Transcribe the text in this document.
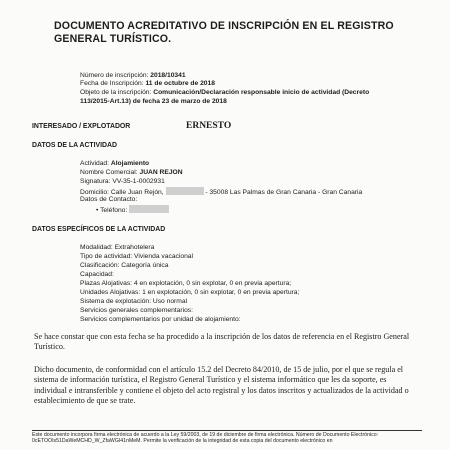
DOCUMENTO ACREDITATIVO DE INSCRIPCIÓN EN EL REGISTRO GENERAL TURÍSTICO.
Número de inscripción: 2018/10341
Fecha de Inscripción: 11 de octubre de 2018
Objeto de la inscripción: Comunicación/Declaración responsable inicio de actividad (Decreto
113/2015-Art.13) de fecha 23 de marzo de 2018
INTERESADO / EXPLOTADOR	ERNESTO
DATOS DE LA ACTIVIDAD
Actividad: Alojamiento
Nombre Comercial: JUAN REJON
Signatura: VV-35-1-0002931
Domicilio: Calle Juan Rejón,	- 35008 Las Palmas de Gran Canaria - Gran Canaria
Datos de Contacto:
• Teléfono:
DATOS ESPECÍFICOS DE LA ACTIVIDAD
Modalidad: Extrahotelera
Tipo de actividad: Vivienda vacacional
Clasificación: Categoría única
Capacidad:
Plazas Alojativas: 4 en explotación, 0 sin explotar, 0 en previa apertura;
Unidades Alojativas: 1 en explotación, 0 sin explotar, 0 en previa apertura;
Sistema de explotación: Uso normal
Servicios generales complementarios:
Servicios complementarios por unidad de alojamiento:
Se hace constar que con esta fecha se ha procedido a la inscripción de los datos de referencia en el Registro General Turístico.
Dicho documento, de conformidad con el artículo 15.2 del Decreto 84/2010, de 15 de julio, por el que se regula el sistema de información turística, el Registro General Turístico y el sistema informático que les da soporte, es individual e intransferible y contiene el objeto del acto registral y los datos inscritos y actualizados de la actividad o establecimiento de que se trate.
Este documento incorpora firma electrónica de acuerdo a la Ley 59/2003, de 19 de diciembre de firma electrónica. Número de Documento Electrónico: 0cETOOIs51DaWeMCHD_W_ZfaWGI41nMeM. Permite la verificación de la integridad de esta copia del documento electrónico en
